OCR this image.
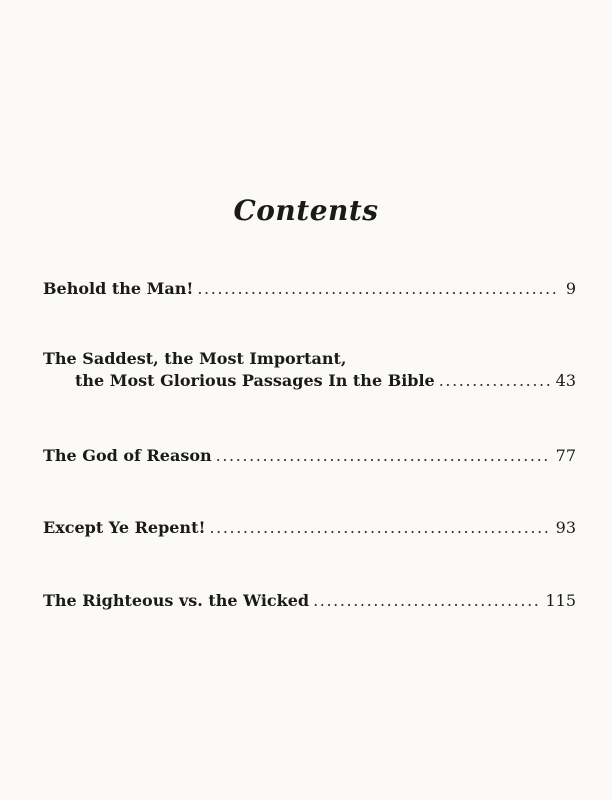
Contents
Behold the Man! .....	9
The Saddest, the Most Important,
the Most Glorious Passages In the Bible .....	43
The God of Reason .....	77
Except Ye Repent! .....	93
The Righteous vs. the Wicked .....	115
